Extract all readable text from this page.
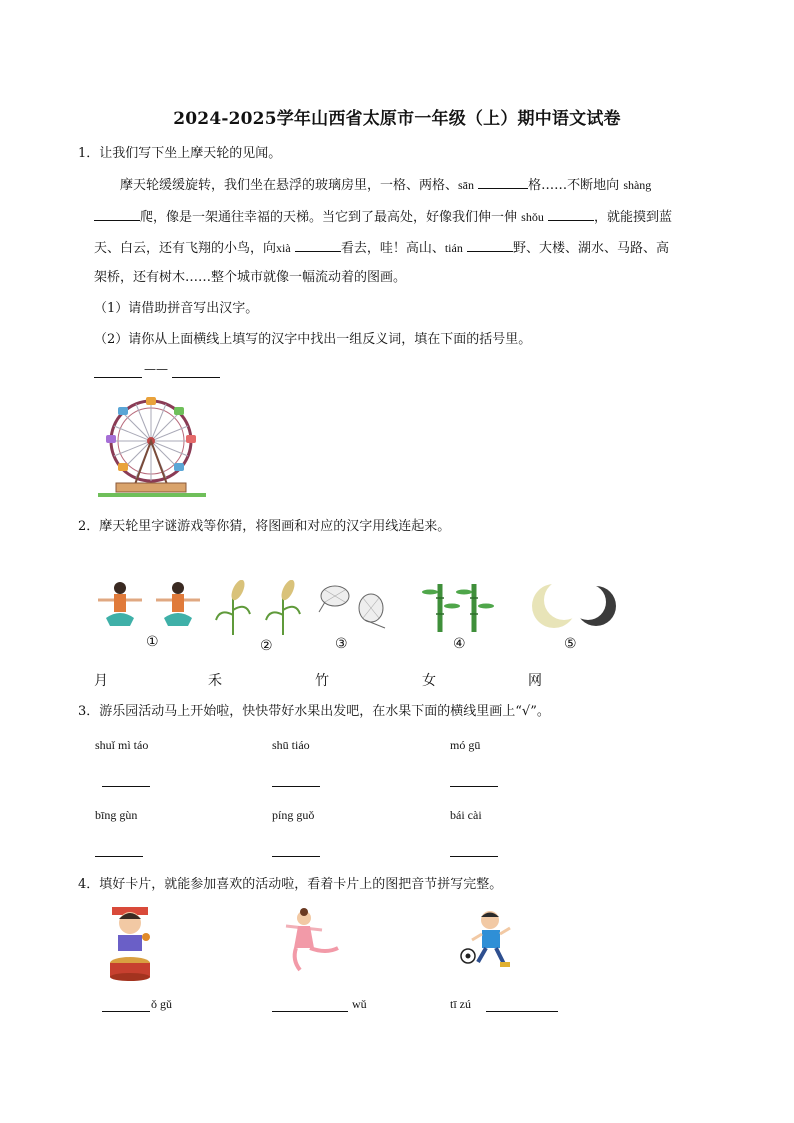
2024-2025学年山西省太原市一年级（上）期中语文试卷
1．让我们写下坐上摩天轮的见闻。
摩天轮缓缓旋转，我们坐在悬浮的玻璃房里，一格、两格、sān	格……不断地向 shàng
爬，像是一架通往幸福的天梯。当它到了最高处，好像我们伸一伸 shǒu	，就能摸到蓝
天、白云，还有飞翔的小鸟，向xià	看去，哇！高山、tián	野、大楼、湖水、马路、高
架桥，还有树木……整个城市就像一幅流动着的图画。
（1）请借助拼音写出汉字。
（2）请你从上面横线上填写的汉字中找出一组反义词，填在下面的括号里。
——
2．摩天轮里字谜游戏等你猜，将图画和对应的汉字用线连起来。
①	②	③	④	⑤
月	禾	竹	女	网
3．游乐园活动马上开始啦，快快带好水果出发吧，在水果下面的横线里画上“√”。
shuǐ mì táo	shū tiáo	mó gū
bīng gùn	píng guǒ	bái cài
4．填好卡片，就能参加喜欢的活动啦，看着卡片上的图把音节拼写完整。
ǒ gǔ	wǔ	tī zú
